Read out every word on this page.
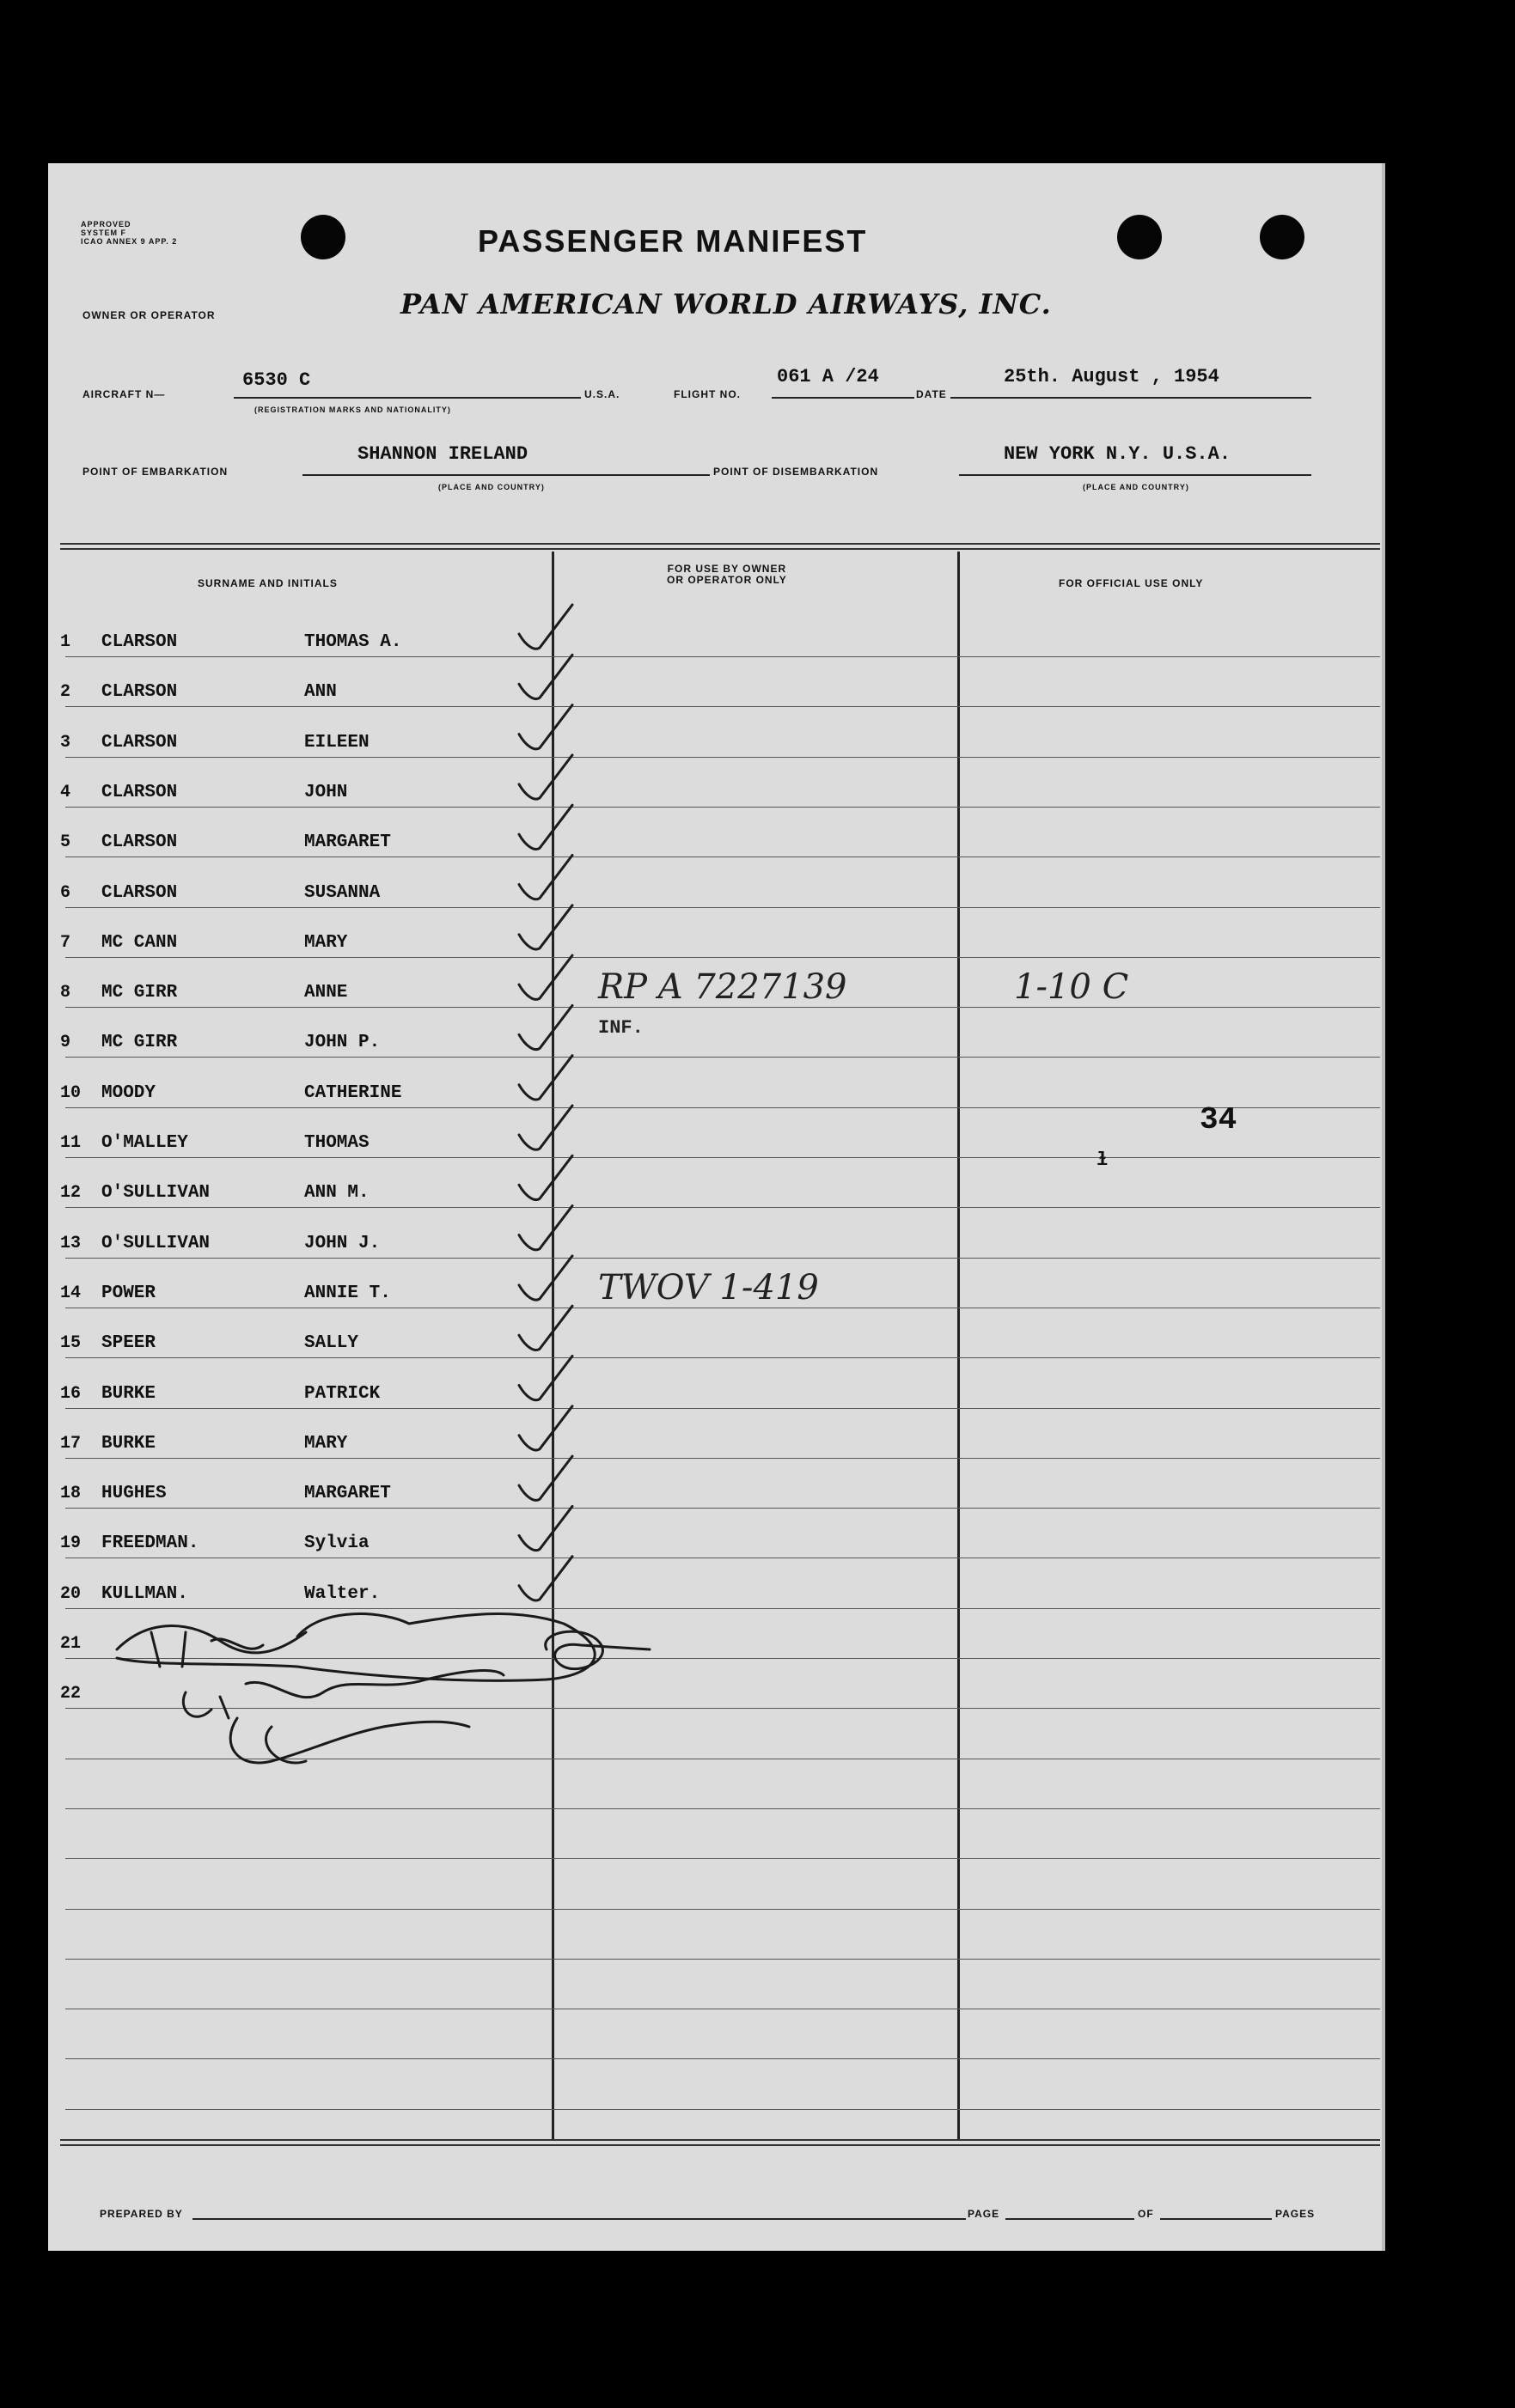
APPROVED
SYSTEM F
ICAO ANNEX 9 APP. 2	PASSENGER MANIFEST
OWNER OR OPERATOR	PAN AMERICAN WORLD AIRWAYS, INC.
AIRCRAFT N—
6530 C
(REGISTRATION MARKS AND NATIONALITY)
U.S.A.	FLIGHT NO.
061 A /24
DATE
25th. August , 1954
POINT OF EMBARKATION
SHANNON IRELAND
(PLACE AND COUNTRY)
POINT OF DISEMBARKATION
NEW YORK N.Y. U.S.A.
(PLACE AND COUNTRY)
SURNAME AND INITIALS
FOR USE BY OWNER
OR OPERATOR ONLY	FOR OFFICIAL USE ONLY
1 CLARSON	THOMAS A.
2 CLARSON	ANN
3 CLARSON	EILEEN
4 CLARSON	JOHN
5 CLARSON	MARGARET
6 CLARSON	SUSANNA
7 MC CANN	MARY
8 MC GIRR	ANNE	RP A 7227139	1-10 C
9 MC GIRR	JOHN P.
INF.
10 MOODY	CATHERINE
11 O'MALLEY	THOMAS
34
12 O'SULLIVAN	ANN M.
13 O'SULLIVAN	JOHN J.
14 POWER	ANNIE T.	TWOV 1-419
15 SPEER	SALLY
16 BURKE	PATRICK
17 BURKE	MARY
18 HUGHES	MARGARET
19 FREEDMAN.	Sylvia
20 KULLMAN.	Walter.
21
22
ɫ
PREPARED BY	PAGE	OF	PAGES
